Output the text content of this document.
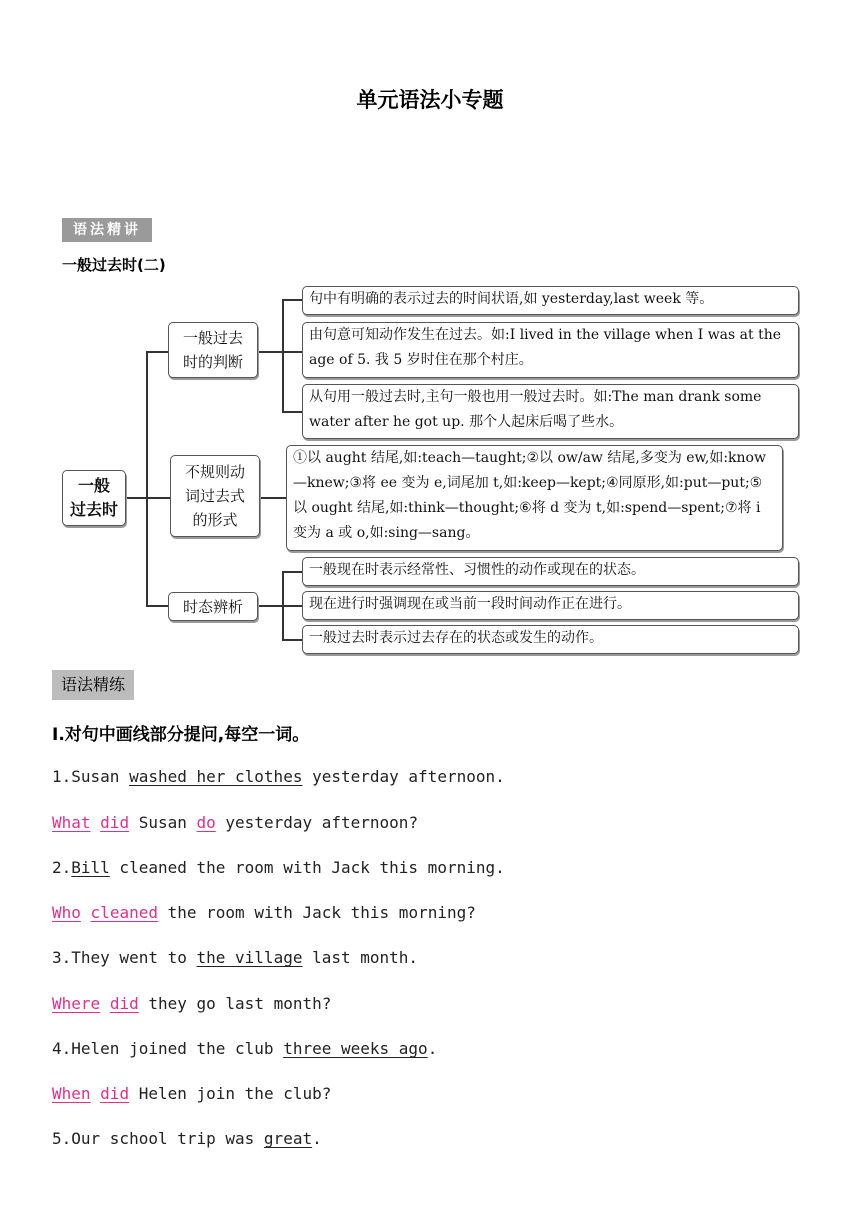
单元语法小专题
语法精讲
一般过去时(二)
一般
过去时
一般过去
时的判断
句中有明确的表示过去的时间状语,如 yesterday,last week 等。
由句意可知动作发生在过去。如:I lived in the village when I was at the age of 5. 我 5 岁时住在那个村庄。
从句用一般过去时,主句一般也用一般过去时。如:The man drank some water after he got up. 那个人起床后喝了些水。
不规则动
词过去式
的形式
①以 aught 结尾,如:teach—taught;②以 ow/aw 结尾,多变为 ew,如:know—knew;③将 ee 变为 e,词尾加 t,如:keep—kept;④同原形,如:put—put;⑤以 ought 结尾,如:think—thought;⑥将 d 变为 t,如:spend—spent;⑦将 i 变为 a 或 o,如:sing—sang。
时态辨析
一般现在时表示经常性、习惯性的动作或现在的状态。
现在进行时强调现在或当前一段时间动作正在进行。
一般过去时表示过去存在的状态或发生的动作。
语法精练
Ⅰ.对句中画线部分提问,每空一词。
1.Susan washed her clothes yesterday afternoon.
What did Susan do yesterday afternoon?
2.Bill cleaned the room with Jack this morning.
Who cleaned the room with Jack this morning?
3.They went to the village last month.
Where did they go last month?
4.Helen joined the club three weeks ago.
When did Helen join the club?
5.Our school trip was great.
